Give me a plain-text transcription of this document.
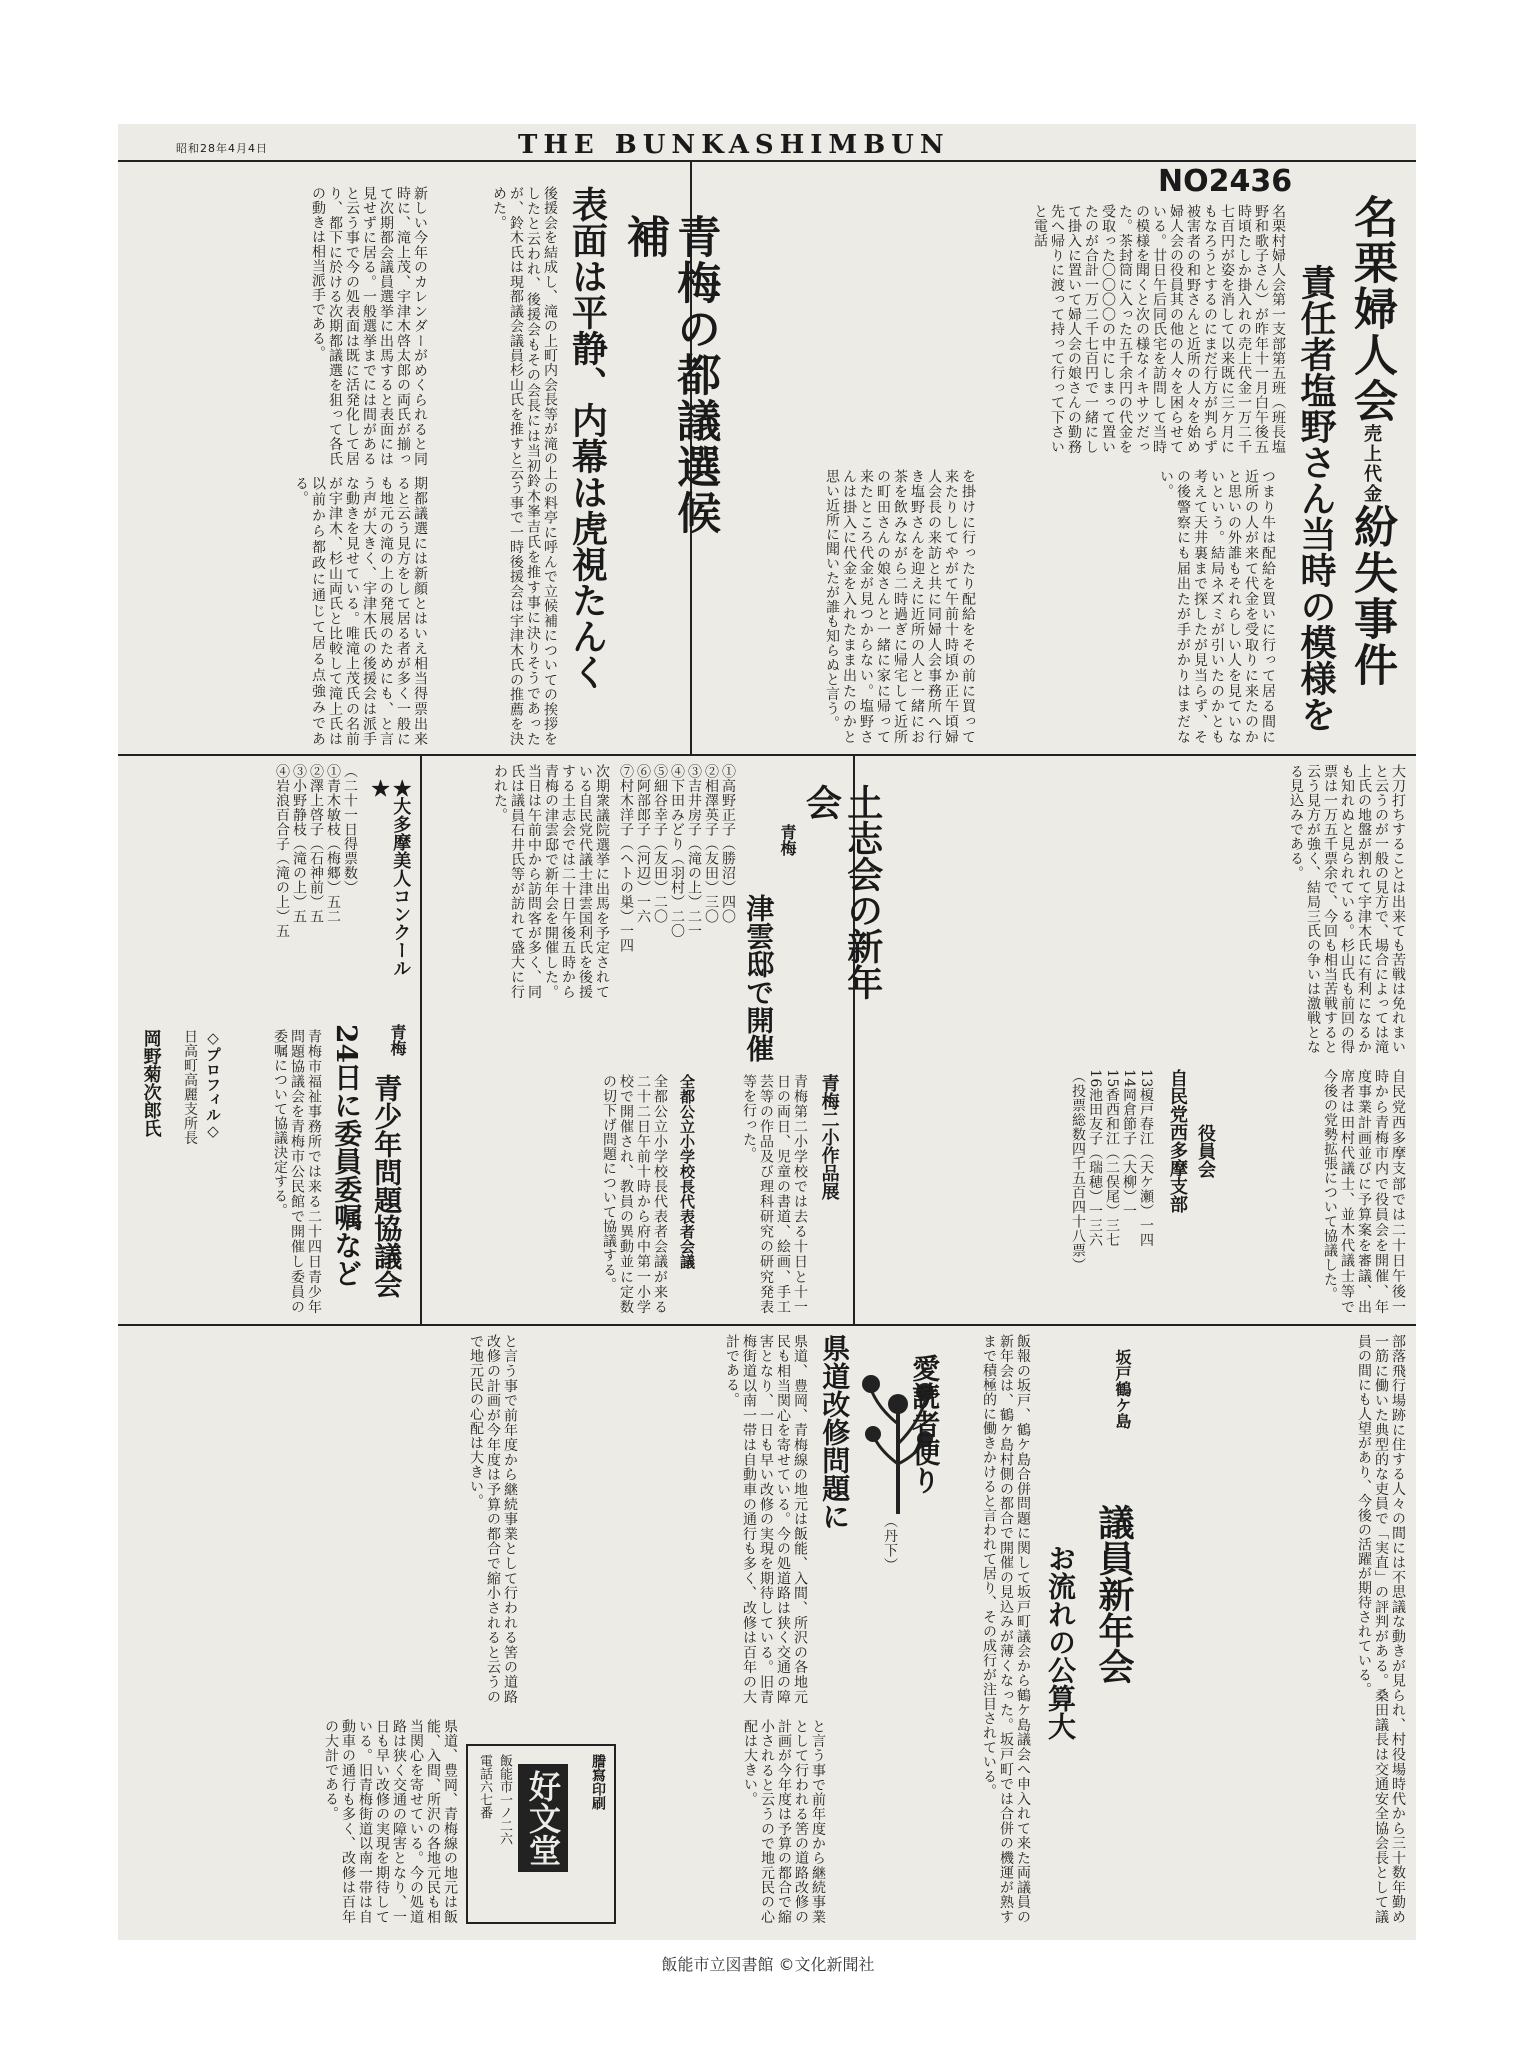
昭和28年4月4日	THE BUNKASHIMBUN
NO2436
名栗婦人会売上代金紛失事件
責任者塩野さん当時の模様を
名栗村婦人会第一支部第五班（班長塩野和歌子さん）が昨年十一月白午後五時頃たしか掛入れの売上代金一万二千七百円が姿を消して以来既に三ケ月にもなろうとするのにまだ行方が判らず被害者の和野さんと近所の人々を始め婦人会の役員其の他の人々を困らせている。廿日午后同氏宅を訪問して当時の模様を聞くと次の様なイキサツだった。茶封筒に入った五千余円の代金を受取った〇〇〇〇の中にしまって置いたのが合計一万二千七百円で一緒にして掛入に置いて婦人会の娘さんの勤務先へ帰りに渡って持って行って下さいと電話
を掛けに行ったり配給をその前に買って来たりしてやがて午前十時頃か正午頃婦人会長の来訪と共に同婦人会事務所へ行き塩野さんを迎えに近所の人と一緒にお茶を飲みながら二時過ぎに帰宅して近所の町田さんの娘さんと一緒に家に帰って来たところ代金が見つからない。塩野さんは掛入に代金を入れたまま出たのかと思い近所に聞いたが誰も知らぬと言う。	つまり牛は配給を買いに行って居る間に近所の人が来て代金を受取りに来たのかと思いの外誰もそれらしい人を見ていないという。結局ネズミが引いたのかとも考えて天井裏まで探したが見当らず、その後警察にも届出たが手がかりはまだない。
青梅の都議選候補
表面は平静、内幕は虎視たんく
新しい今年のカレンダーがめくられると同時に、滝上茂、宇津木啓太郎の両氏が揃って次期都会議員選挙に出馬すると表面には見せずに居る。一般選挙までには間があると云う事で今の処表面は既に活発化して居り、都下に於ける次期都議選を狙って各氏の動きは相当派手である。	後援会を結成し、滝の上町内会長等が滝の上の料亭に呼んで立候補についての挨拶をしたと云われ、後援会もその会長には当初鈴木峯吉氏を推す事に決りそうであったが、鈴木氏は現都議会議員杉山氏を推すと云う事で一時後援会は宇津木氏の推薦を決めた。
期都議選には新顔とはいえ相当得票出来ると云う見方をして居る者が多く一般にも地元の滝の上の発展のためにも、と言う声が大きく、宇津木氏の後援会は派手な動きを見せている。唯滝上茂氏の名前が宇津木、杉山両氏と比較して滝上氏は以前から都政に通じて居る点強みである。
大刀打ちすることは出来ても苦戦は免れまいと云うのが一般の見方で、場合によっては滝上氏の地盤が割れて宇津木氏に有利になるかも知れぬと見られている。杉山氏も前回の得票は一万五千票余で、今回も相当苦戦すると云う見方が強く、結局三氏の争いは激戦となる見込みである。
自民党西多摩支部 役員会
13榎戸春江（天ケ瀬）一四
14岡倉節子（大柳）一
15香西和江（二俣尾）三七
16池田友子（瑞穂）一三六
（投票総数四千五百四十八票）	自民党西多摩支部では二十日午後一時から青梅市内で役員会を開催、年度事業計画並びに予算案を審議、出席者は田村代議士、並木代議士等で今後の党勢拡張について協議した。
土志会の新年会
青梅
津雲邸で開催
次期衆議院選挙に出馬を予定されている自民党代議士津雲国利氏を後援する土志会では二十日午後五時から青梅の津雲邸で新年会を開催した。当日は午前中から訪問客が多く、同氏は議員石井氏等が訪れて盛大に行われた。	①高野正子（勝沼）四〇
②相澤英子（友田）三〇
③吉井房子（滝の上）二一
④下田みどり（羽村）二〇
⑤細谷幸子（友田）二〇
⑥阿部郎子（河辺）一六
⑦村木洋子（ヘトの巣）一四
青梅二小作品展
青梅第二小学校では去る十日と十一日の両日、児童の書道、絵画、手工芸等の作品及び理科研究の研究発表等を行った。
全都公立小学校長代表者会議
全都公立小学校長代表者会議が来る二十二日午前十時から府中第一小学校で開催され、教員の異動並に定数の切下げ問題について協議する。
★大多摩美人コンクール★
（二十一日得票数）
①青木敏枝（梅郷）五二
②澤上啓子（石神前）五
③小野静枝（滝の上）五
④岩浪百合子（滝の上）五
青梅
青少年問題協議会
24日に委員委嘱など
青梅市福祉事務所では来る二十四日青少年問題協議会を青梅市公民館で開催し委員の委嘱について協議決定する。
◇プロフィル◇
日高町高麗支所長
岡野菊次郎氏
部落飛行場跡に住する人々の間には不思議な動きが見られ、村役場時代から三十数年勤め一筋に働いた典型的な吏員で「実直」の評判がある。桑田議長は交通安全協会長として議員の間にも人望があり、今後の活躍が期待されている。
坂戸鶴ケ島
議員新年会
お流れの公算大
飯報の坂戸、鶴ケ島合併問題に関して坂戸町議会から鶴ケ島議会へ申入れて来た両議員の新年会は、鶴ケ島村側の都合で開催の見込みが薄くなった。坂戸町では合併の機運が熟すまで積極的に働きかけると言われて居り、その成行が注目されている。
愛読者便り
（丹下）
県道改修問題に
県道、豊岡、青梅線の地元は飯能、入間、所沢の各地元民も相当関心を寄せている。今の処道路は狭く交通の障害となり、一日も早い改修の実現を期待している。旧青梅街道以南一帯は自動車の通行も多く、改修は百年の大計である。
と言う事で前年度から継続事業として行われる筈の道路改修の計画が今年度は予算の都合で縮小されると云うので地元民の心配は大きい。
謄寫印刷
好文堂
飯能市一ノ二六
電話六七番
県道、豊岡、青梅線の地元は飯能、入間、所沢の各地元民も相当関心を寄せている。今の処道路は狭く交通の障害となり、一日も早い改修の実現を期待している。旧青梅街道以南一帯は自動車の通行も多く、改修は百年の大計である。	と言う事で前年度から継続事業として行われる筈の道路改修の計画が今年度は予算の都合で縮小されると云うので地元民の心配は大きい。
飯能市立図書館 ©文化新聞社
